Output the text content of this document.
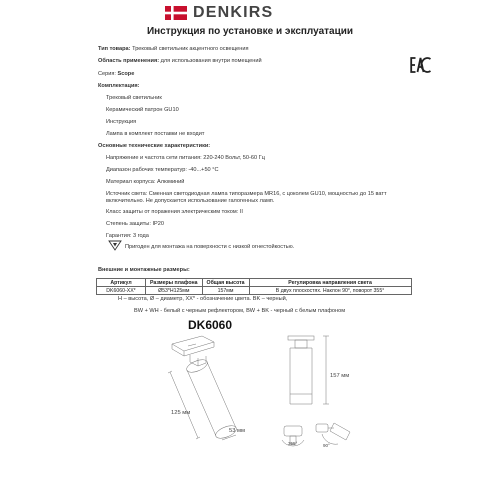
DENKIRS
Инструкция по установке и эксплуатации
Тип товара: Трековый светильник акцентного освещения
Область применения: для использования внутри помещений
Серия: Scope
Комплектация:
Трековый светильник
Керамический патрон GU10
Инструкция
Лампа в комплект поставки не входит
Основные технические характеристики:
Напряжение и частота сети питания: 220-240 Вольт, 50-60 Гц
Диапазон рабочих температур: -40...+50 °С
Материал корпуса: Алюминий
Источник света: Сменная светодиодная лампа типоразмера MR16, с цоколем GU10, мощностью до 15 ватт
включительно. Не допускается использование галогенных ламп.
Класс защиты от поражения электрическим током: II
Степень защиты: IP20
Гарантия: 3 года
Пригоден для монтажа на поверхности с низкой огнестойкостью.
Внешние и монтажные размеры:
Артикул	Размеры плафона	Общая высота	Регулировка направления света
DK6060-XX*	Ø53*H125мм	157мм	В двух плоскостях. Наклон 90°, поворот 355°
H – высота, Ø – диаметр, XX* - обозначение цвета. BK – черный,
BW + WH - белый с черным рефлектором, BW + BK - черный с белым плафоном
DK6060
125 мм
53 мм
157 мм
355°	90°
